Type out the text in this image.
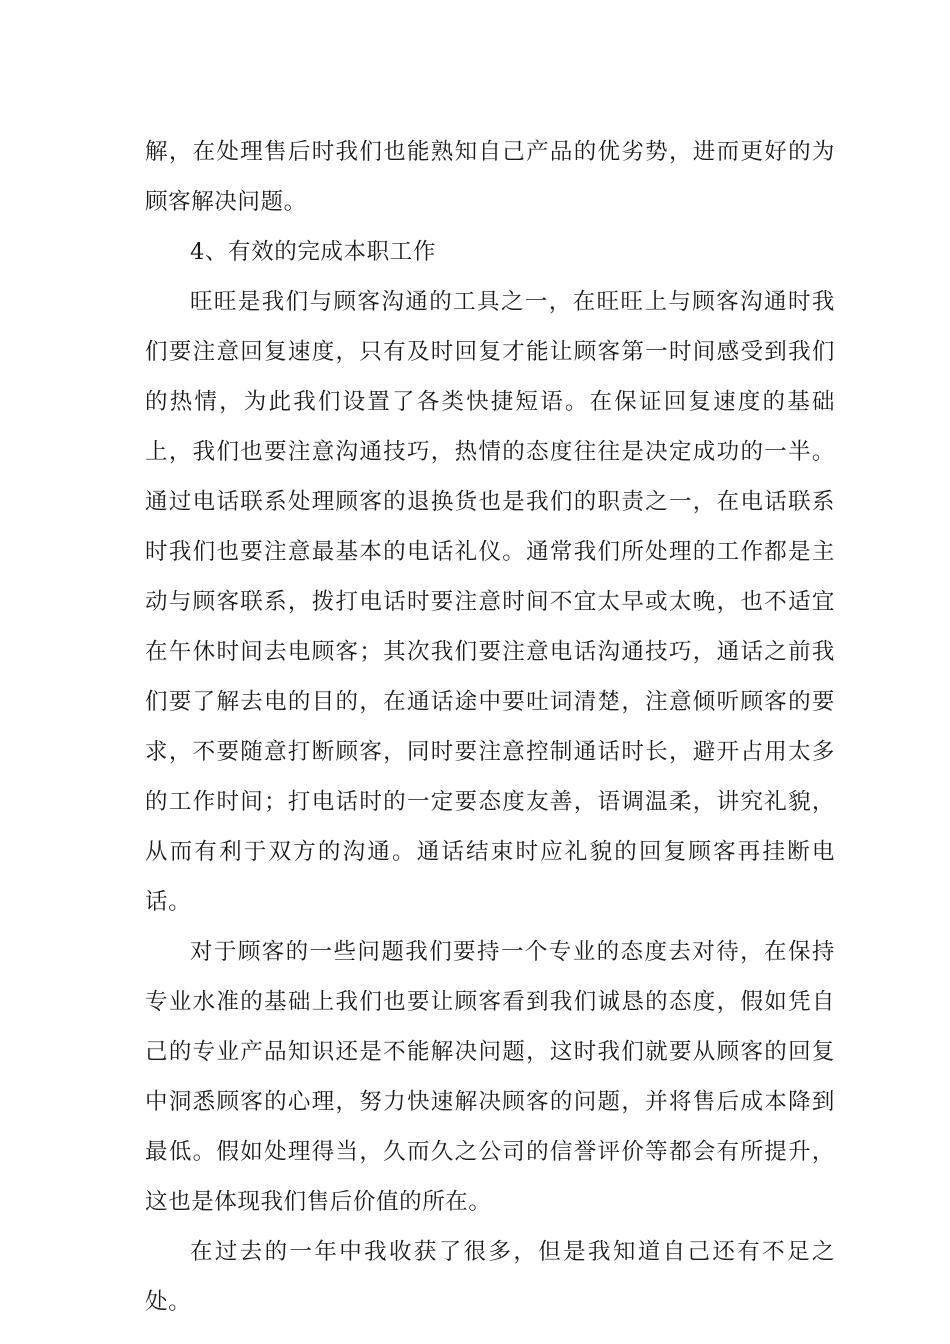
解，在处理售后时我们也能熟知自己产品的优劣势，进而更好的为顾客解决问题。

4、有效的完成本职工作

旺旺是我们与顾客沟通的工具之一，在旺旺上与顾客沟通时我们要注意回复速度，只有及时回复才能让顾客第一时间感受到我们的热情，为此我们设置了各类快捷短语。在保证回复速度的基础上，我们也要注意沟通技巧，热情的态度往往是决定成功的一半。通过电话联系处理顾客的退换货也是我们的职责之一，在电话联系时我们也要注意最基本的电话礼仪。通常我们所处理的工作都是主动与顾客联系，拨打电话时要注意时间不宜太早或太晚，也不适宜在午休时间去电顾客；其次我们要注意电话沟通技巧，通话之前我们要了解去电的目的，在通话途中要吐词清楚，注意倾听顾客的要求，不要随意打断顾客，同时要注意控制通话时长，避开占用太多的工作时间；打电话时的一定要态度友善，语调温柔，讲究礼貌，从而有利于双方的沟通。通话结束时应礼貌的回复顾客再挂断电话。

对于顾客的一些问题我们要持一个专业的态度去对待，在保持专业水准的基础上我们也要让顾客看到我们诚恳的态度，假如凭自己的专业产品知识还是不能解决问题，这时我们就要从顾客的回复中洞悉顾客的心理，努力快速解决顾客的问题，并将售后成本降到最低。假如处理得当，久而久之公司的信誉评价等都会有所提升，这也是体现我们售后价值的所在。

在过去的一年中我收获了很多，但是我知道自己还有不足之处。
